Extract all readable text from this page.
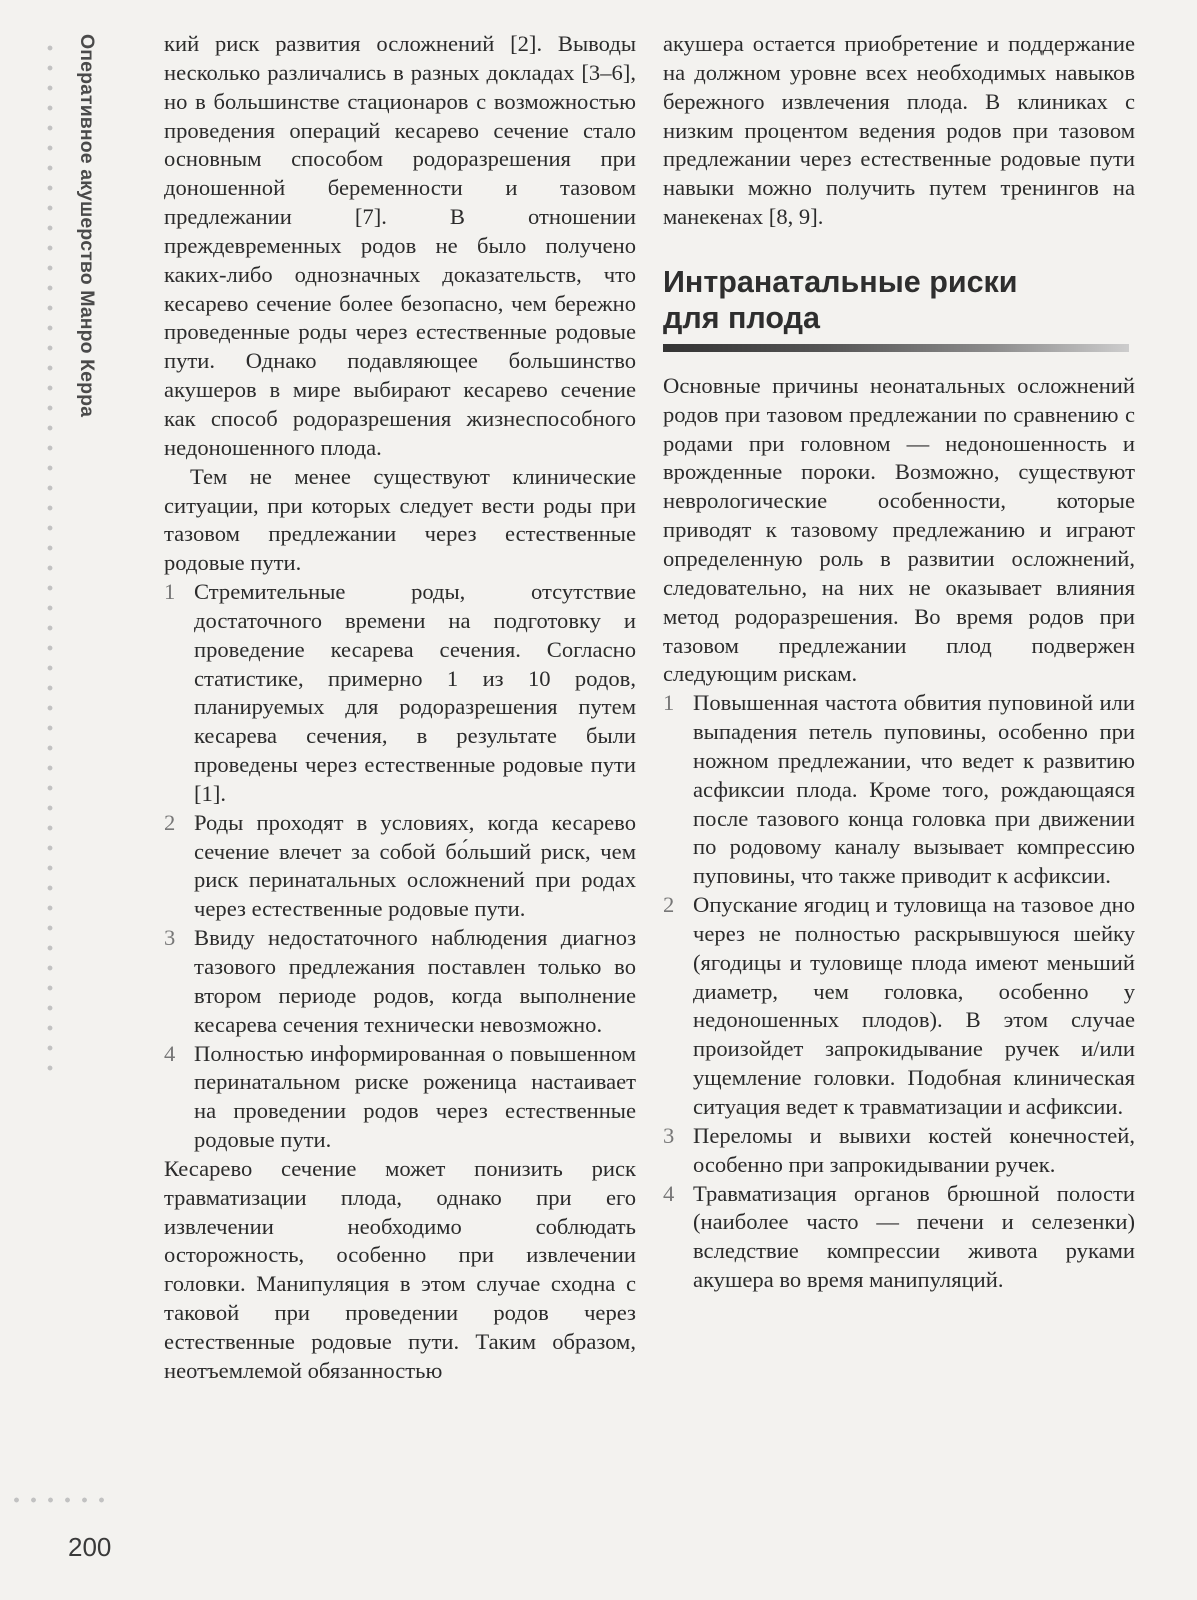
Оперативное акушерство Манро Керра
200

кий риск развития осложнений [2]. Выводы несколько различались в разных докладах [3–6], но в большинстве стационаров с возможностью проведения операций кесарево сечение стало основным способом родоразрешения при доношенной беременности и тазовом предлежании [7]. В отношении преждевременных родов не было получено каких-либо однозначных доказательств, что кесарево сечение более безопасно, чем бережно проведенные роды через естественные родовые пути. Однако подавляющее большинство акушеров в мире выбирают кесарево сечение как способ родоразрешения жизнеспособного недоношенного плода.

Тем не менее существуют клинические ситуации, при которых следует вести роды при тазовом предлежании через естественные родовые пути.

1 Стремительные роды, отсутствие достаточного времени на подготовку и проведение кесарева сечения. Согласно статистике, примерно 1 из 10 родов, планируемых для родоразрешения путем кесарева сечения, в результате были проведены через естественные родовые пути [1].
2 Роды проходят в условиях, когда кесарево сечение влечет за собой бо́льший риск, чем риск перинатальных осложнений при родах через естественные родовые пути.
3 Ввиду недостаточного наблюдения диагноз тазового предлежания поставлен только во втором периоде родов, когда выполнение кесарева сечения технически невозможно.
4 Полностью информированная о повышенном перинатальном риске роженица настаивает на проведении родов через естественные родовые пути.

Кесарево сечение может понизить риск травматизации плода, однако при его извлечении необходимо соблюдать осторожность, особенно при извлечении головки. Манипуляция в этом случае сходна с таковой при проведении родов через естественные родовые пути. Таким образом, неотъемлемой обязанностью

акушера остается приобретение и поддержание на должном уровне всех необходимых навыков бережного извлечения плода. В клиниках с низким процентом ведения родов при тазовом предлежании через естественные родовые пути навыки можно получить путем тренингов на манекенах [8, 9].

Интранатальные риски
для плода

Основные причины неонатальных осложнений родов при тазовом предлежании по сравнению с родами при головном — недоношенность и врожденные пороки. Возможно, существуют неврологические особенности, которые приводят к тазовому предлежанию и играют определенную роль в развитии осложнений, следовательно, на них не оказывает влияния метод родоразрешения. Во время родов при тазовом предлежании плод подвержен следующим рискам.

1 Повышенная частота обвития пуповиной или выпадения петель пуповины, особенно при ножном предлежании, что ведет к развитию асфиксии плода. Кроме того, рождающаяся после тазового конца головка при движении по родовому каналу вызывает компрессию пуповины, что также приводит к асфиксии.
2 Опускание ягодиц и туловища на тазовое дно через не полностью раскрывшуюся шейку (ягодицы и туловище плода имеют меньший диаметр, чем головка, особенно у недоношенных плодов). В этом случае произойдет запрокидывание ручек и/или ущемление головки. Подобная клиническая ситуация ведет к травматизации и асфиксии.
3 Переломы и вывихи костей конечностей, особенно при запрокидывании ручек.
4 Травматизация органов брюшной полости (наиболее часто — печени и селезенки) вследствие компрессии живота руками акушера во время манипуляций.
